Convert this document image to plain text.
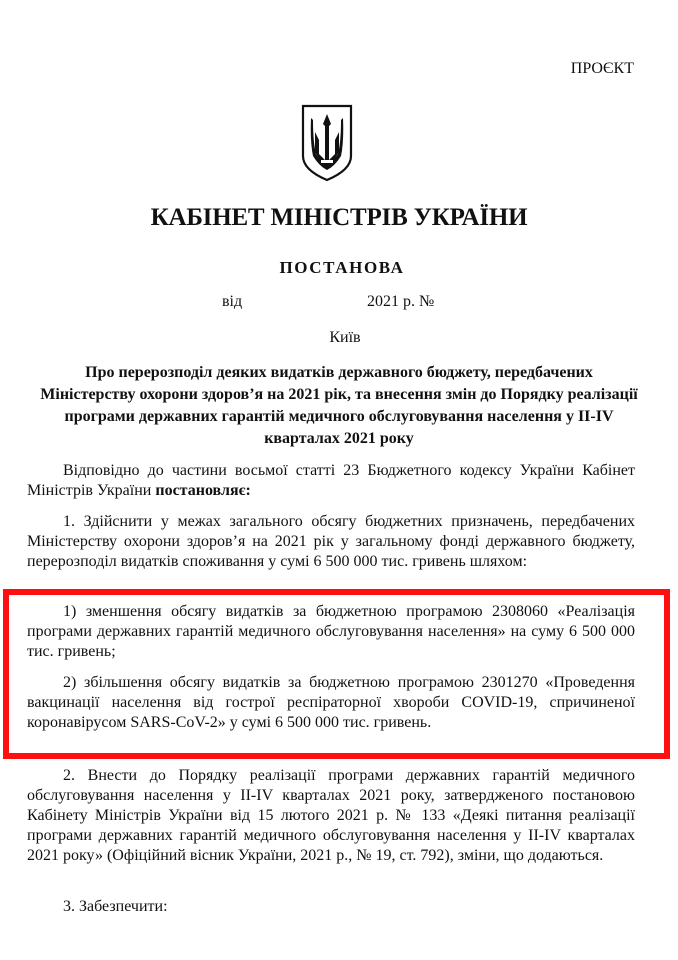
ПРОЄКТ
КАБІНЕТ МІНІСТРІВ УКРАЇНИ
ПОСТАНОВА
від	2021 р. №
Київ
Про перерозподіл деяких видатків державного бюджету, передбачених Міністерству охорони здоров’я на 2021 рік, та внесення змін до Порядку реалізації програми державних гарантій медичного обслуговування населення у ІІ-ІV кварталах 2021 року
Відповідно до частини восьмої статті 23 Бюджетного кодексу України Кабінет Міністрів України постановляє:
1. Здійснити у межах загального обсягу бюджетних призначень, передбачених Міністерству охорони здоров’я на 2021 рік у загальному фонді державного бюджету, перерозподіл видатків споживання у сумі 6 500 000 тис. гривень шляхом:
1) зменшення обсягу видатків за бюджетною програмою 2308060 «Реалізація програми державних гарантій медичного обслуговування населення» на суму 6 500 000 тис. гривень;
2) збільшення обсягу видатків за бюджетною програмою 2301270 «Проведення вакцинації населення від гострої респіраторної хвороби COVID-19, спричиненої коронавірусом SARS-CoV-2» у сумі 6 500 000 тис. гривень.
2. Внести до Порядку реалізації програми державних гарантій медичного обслуговування населення у ІІ-IV кварталах 2021 року, затвердженого постановою Кабінету Міністрів України від 15 лютого 2021 р. № 133 «Деякі питання реалізації програми державних гарантій медичного обслуговування населення у ІІ-IV кварталах 2021 року» (Офіційний вісник України, 2021 р., № 19, ст. 792), зміни, що додаються.
3. Забезпечити:
